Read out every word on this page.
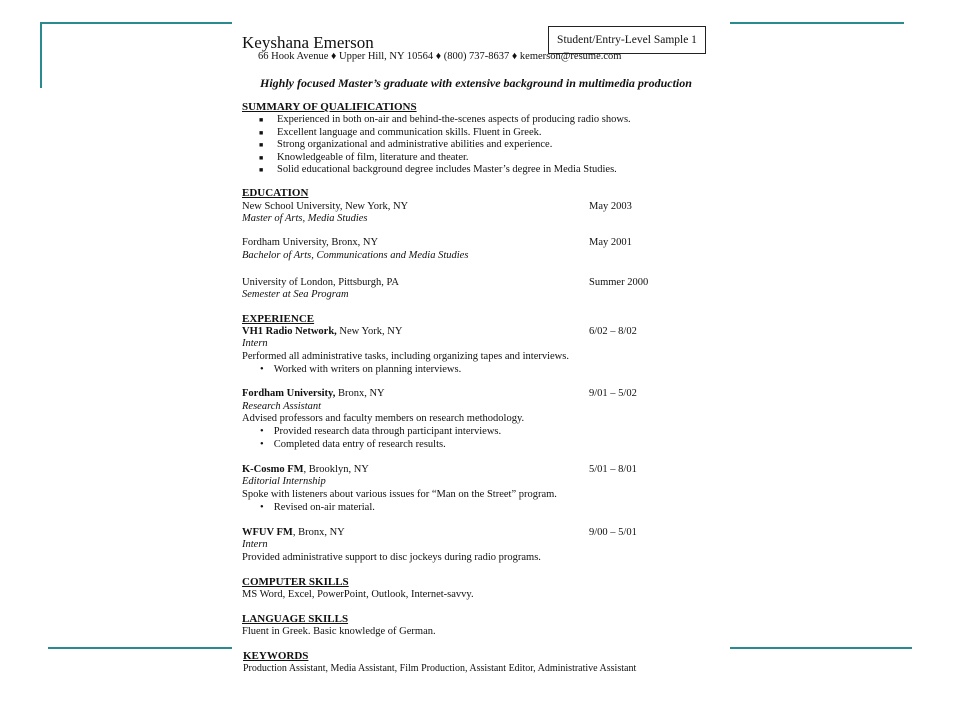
Student/Entry-Level Sample 1
Keyshana Emerson
66 Hook Avenue ♦ Upper Hill, NY 10564 ♦ (800) 737-8637 ♦ kemerson@resume.com
Highly focused Master’s graduate with extensive background in multimedia production
SUMMARY OF QUALIFICATIONS
■ Experienced in both on-air and behind-the-scenes aspects of producing radio shows.
■ Excellent language and communication skills. Fluent in Greek.
■ Strong organizational and administrative abilities and experience.
■ Knowledgeable of film, literature and theater.
■ Solid educational background degree includes Master’s degree in Media Studies.
EDUCATION
New School University, New York, NY
Master of Arts, Media Studies
May 2003
Fordham University, Bronx, NY
Bachelor of Arts, Communications and Media Studies
May 2001
University of London, Pittsburgh, PA
Semester at Sea Program
Summer 2000
EXPERIENCE
VH1 Radio Network, New York, NY	6/02 – 8/02
Intern
Performed all administrative tasks, including organizing tapes and interviews.
• Worked with writers on planning interviews.
Fordham University, Bronx, NY	9/01 – 5/02
Research Assistant
Advised professors and faculty members on research methodology.
• Provided research data through participant interviews.
• Completed data entry of research results.
K-Cosmo FM, Brooklyn, NY	5/01 – 8/01
Editorial Internship
Spoke with listeners about various issues for “Man on the Street” program.
• Revised on-air material.
WFUV FM, Bronx, NY	9/00 – 5/01
Intern
Provided administrative support to disc jockeys during radio programs.
COMPUTER SKILLS
MS Word, Excel, PowerPoint, Outlook, Internet-savvy.
LANGUAGE SKILLS
Fluent in Greek. Basic knowledge of German.
KEYWORDS
Production Assistant, Media Assistant, Film Production, Assistant Editor, Administrative Assistant
